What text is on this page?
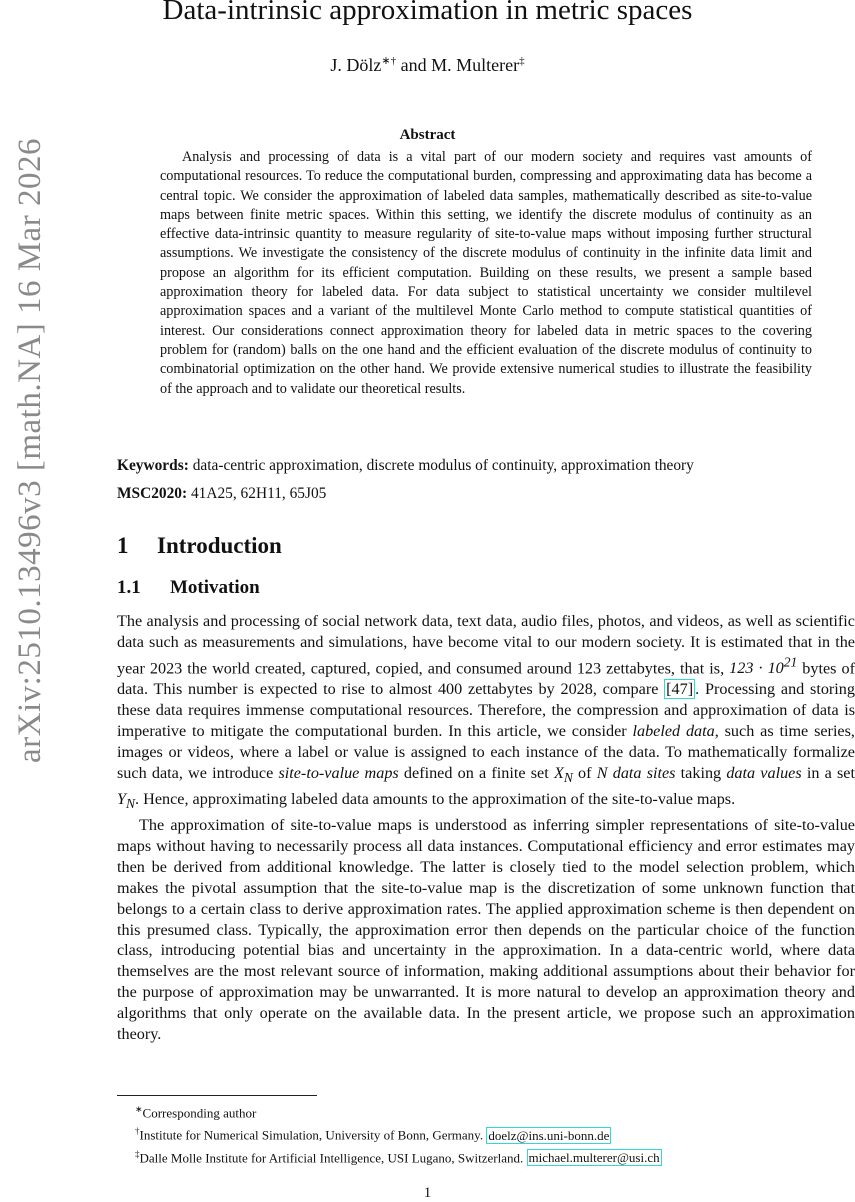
arXiv:2510.13496v3 [math.NA] 16 Mar 2026
Data-intrinsic approximation in metric spaces
J. Dölz∗† and M. Multerer‡
Abstract

Analysis and processing of data is a vital part of our modern society and requires vast amounts of computational resources. To reduce the computational burden, compressing and approximating data has become a central topic. We consider the approximation of labeled data samples, mathematically described as site-to-value maps between finite metric spaces. Within this setting, we identify the discrete modulus of continuity as an effective data-intrinsic quantity to measure regularity of site-to-value maps without imposing further structural assumptions. We investigate the consistency of the discrete modulus of continuity in the infinite data limit and propose an algorithm for its efficient computation. Building on these results, we present a sample based approximation theory for labeled data. For data subject to statistical uncertainty we consider multilevel approximation spaces and a variant of the multilevel Monte Carlo method to compute statistical quantities of interest. Our considerations connect approximation theory for labeled data in metric spaces to the covering problem for (random) balls on the one hand and the efficient evaluation of the discrete modulus of continuity to combinatorial optimization on the other hand. We provide extensive numerical studies to illustrate the feasibility of the approach and to validate our theoretical results.

Keywords: data-centric approximation, discrete modulus of continuity, approximation theory
MSC2020: 41A25, 62H11, 65J05
1 Introduction
1.1 Motivation

The analysis and processing of social network data, text data, audio files, photos, and videos, as well as scientific data such as measurements and simulations, have become vital to our modern society. It is estimated that in the year 2023 the world created, captured, copied, and consumed around 123 zettabytes, that is, $123 \cdot 10^{21}$ bytes of data. This number is expected to rise to almost 400 zettabytes by 2028, compare [47] . Processing and storing these data requires immense computational resources. Therefore, the compression and approximation of data is imperative to mitigate the computational burden. In this article, we consider labeled data, such as time series, images or videos, where a label or value is assigned to each instance of the data. To mathematically formalize such data, we introduce site-to-value maps defined on a finite set $X_N$ of N data sites taking data values in a set $Y_N$. Hence, approximating labeled data amounts to the approximation of the site-to-value maps.

The approximation of site-to-value maps is understood as inferring simpler representations of site-to-value maps without having to necessarily process all data instances. Computational efficiency and error estimates may then be derived from additional knowledge. The latter is closely tied to the model selection problem, which makes the pivotal assumption that the site-to-value map is the discretization of some unknown function that belongs to a certain class to derive approximation rates. The applied approximation scheme is then dependent on this presumed class. Typically, the approximation error then depends on the particular choice of the function class, introducing potential bias and uncertainty in the approximation. In a data-centric world, where data themselves are the most relevant source of information, making additional assumptions about their behavior for the purpose of approximation may be unwarranted. It is more natural to develop an approximation theory and algorithms that only operate on the available data. In the present article, we propose such an approximation theory.

∗Corresponding author
†Institute for Numerical Simulation, University of Bonn, Germany. doelz@ins.uni-bonn.de
‡Dalle Molle Institute for Artificial Intelligence, USI Lugano, Switzerland. michael.multerer@usi.ch
1
